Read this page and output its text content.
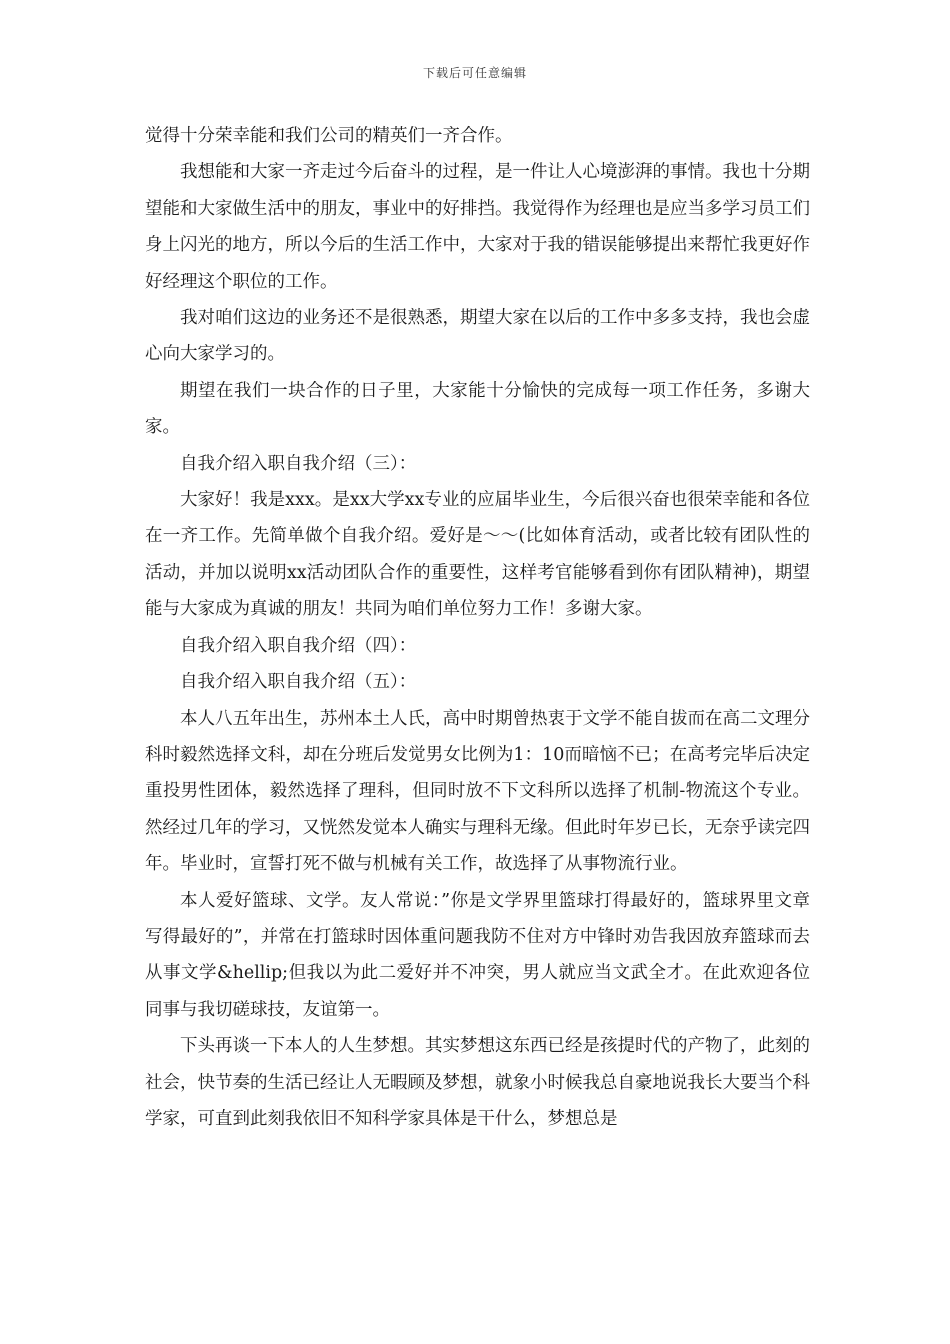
下载后可任意编辑

觉得十分荣幸能和我们公司的精英们一齐合作。

我想能和大家一齐走过今后奋斗的过程，是一件让人心境澎湃的事情。我也十分期望能和大家做生活中的朋友，事业中的好排挡。我觉得作为经理也是应当多学习员工们身上闪光的地方，所以今后的生活工作中，大家对于我的错误能够提出来帮忙我更好作好经理这个职位的工作。

我对咱们这边的业务还不是很熟悉，期望大家在以后的工作中多多支持，我也会虚心向大家学习的。

期望在我们一块合作的日子里，大家能十分愉快的完成每一项工作任务，多谢大家。

自我介绍入职自我介绍（三）：

大家好！我是xxx。是xx大学xx专业的应届毕业生，今后很兴奋也很荣幸能和各位在一齐工作。先简单做个自我介绍。爱好是～～(比如体育活动，或者比较有团队性的活动，并加以说明xx活动团队合作的重要性，这样考官能够看到你有团队精神)，期望能与大家成为真诚的朋友！共同为咱们单位努力工作！多谢大家。

自我介绍入职自我介绍（四）：

自我介绍入职自我介绍（五）：

本人八五年出生，苏州本土人氏，高中时期曾热衷于文学不能自拔而在高二文理分科时毅然选择文科，却在分班后发觉男女比例为1：10而暗恼不已；在高考完毕后决定重投男性团体，毅然选择了理科，但同时放不下文科所以选择了机制-物流这个专业。然经过几年的学习，又恍然发觉本人确实与理科无缘。但此时年岁已长，无奈乎读完四年。毕业时，宣誓打死不做与机械有关工作，故选择了从事物流行业。

本人爱好篮球、文学。友人常说：”你是文学界里篮球打得最好的，篮球界里文章写得最好的”，并常在打篮球时因体重问题我防不住对方中锋时劝告我因放弃篮球而去从事文学&hellip;但我以为此二爱好并不冲突，男人就应当文武全才。在此欢迎各位同事与我切磋球技，友谊第一。

下头再谈一下本人的人生梦想。其实梦想这东西已经是孩提时代的产物了，此刻的社会，快节奏的生活已经让人无暇顾及梦想，就象小时候我总自豪地说我长大要当个科学家，可直到此刻我依旧不知科学家具体是干什么，梦想总是
